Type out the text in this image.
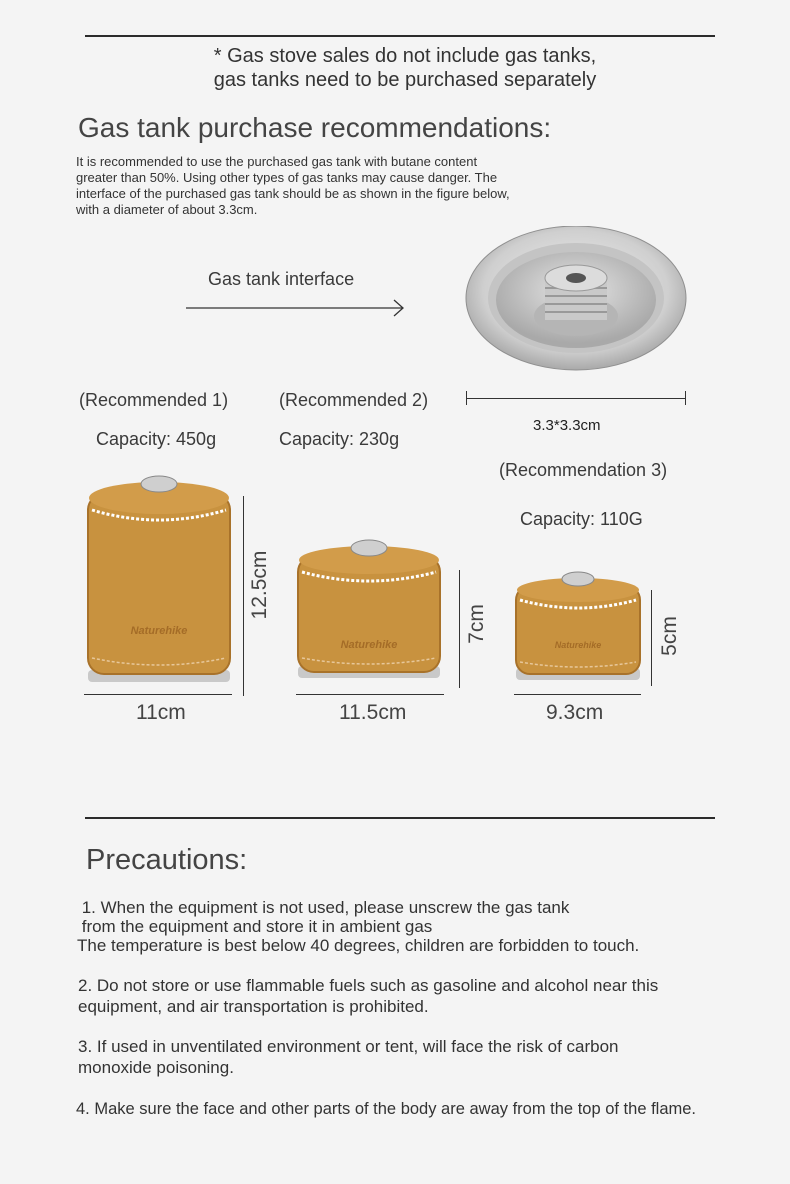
* Gas stove sales do not include gas tanks,
gas tanks need to be purchased separately
Gas tank purchase recommendations:
It is recommended to use the purchased gas tank with butane content
greater than 50%. Using other types of gas tanks may cause danger. The
interface of the purchased gas tank should be as shown in the figure below,
with a diameter of about 3.3cm.
Gas tank interface
3.3*3.3cm
(Recommended 1)
Capacity: 450g
(Recommended 2)
Capacity: 230g
(Recommendation 3)
Capacity: 110G
Naturehike
12.5cm
11cm
Naturehike
7cm
11.5cm
Naturehike	5cm
9.3cm
Precautions:
1. When the equipment is not used, please unscrew the gas tank
from the equipment and store it in ambient gas
The temperature is best below 40 degrees, children are forbidden to touch.
2. Do not store or use flammable fuels such as gasoline and alcohol near this
equipment, and air transportation is prohibited.
3. If used in unventilated environment or tent, will face the risk of carbon
monoxide poisoning.
4. Make sure the face and other parts of the body are away from the top of the flame.
